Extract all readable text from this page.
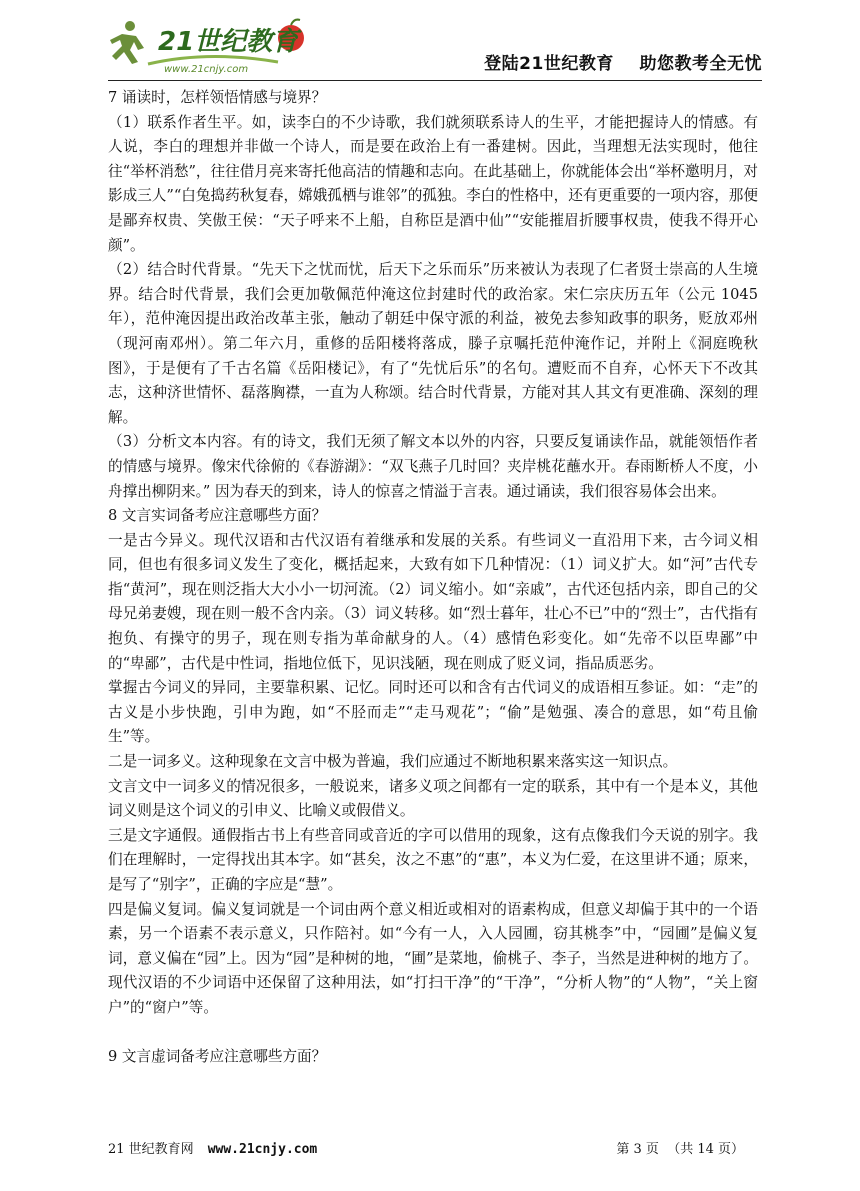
21世纪教育
www.21cnjy.com	登陆21世纪教育    助您教考全无忧

7 诵读时，怎样领悟情感与境界？

（1）联系作者生平。如，读李白的不少诗歌，我们就须联系诗人的生平，才能把握诗人的情感。有人说，李白的理想并非做一个诗人，而是要在政治上有一番建树。因此，当理想无法实现时，他往往“举杯消愁”，往往借月亮来寄托他高洁的情趣和志向。在此基础上，你就能体会出“举杯邀明月，对影成三人”“白兔捣药秋复春，嫦娥孤栖与谁邻”的孤独。李白的性格中，还有更重要的一项内容，那便是鄙弃权贵、笑傲王侯：“天子呼来不上船，自称臣是酒中仙”“安能摧眉折腰事权贵，使我不得开心颜”。

（2）结合时代背景。“先天下之忧而忧，后天下之乐而乐”历来被认为表现了仁者贤士崇高的人生境界。结合时代背景，我们会更加敬佩范仲淹这位封建时代的政治家。宋仁宗庆历五年（公元 1045 年），范仲淹因提出政治改革主张，触动了朝廷中保守派的利益，被免去参知政事的职务，贬放邓州（现河南邓州）。第二年六月，重修的岳阳楼将落成，滕子京嘱托范仲淹作记，并附上《洞庭晚秋图》，于是便有了千古名篇《岳阳楼记》，有了“先忧后乐”的名句。遭贬而不自弃，心怀天下不改其志，这种济世情怀、磊落胸襟，一直为人称颂。结合时代背景，方能对其人其文有更准确、深刻的理解。

（3）分析文本内容。有的诗文，我们无须了解文本以外的内容，只要反复诵读作品，就能领悟作者的情感与境界。像宋代徐俯的《春游湖》：“双飞燕子几时回？夹岸桃花蘸水开。春雨断桥人不度，小舟撑出柳阴来。” 因为春天的到来，诗人的惊喜之情溢于言表。通过诵读，我们很容易体会出来。

8 文言实词备考应注意哪些方面？

一是古今异义。现代汉语和古代汉语有着继承和发展的关系。有些词义一直沿用下来，古今词义相同，但也有很多词义发生了变化，概括起来，大致有如下几种情况：（1）词义扩大。如“河”古代专指“黄河”，现在则泛指大大小小一切河流。（2）词义缩小。如“亲戚”，古代还包括内亲，即自己的父母兄弟妻嫂，现在则一般不含内亲。（3）词义转移。如“烈士暮年，壮心不已”中的“烈士”，古代指有抱负、有操守的男子，现在则专指为革命献身的人。（4）感情色彩变化。如“先帝不以臣卑鄙”中的“卑鄙”，古代是中性词，指地位低下，见识浅陋，现在则成了贬义词，指品质恶劣。

掌握古今词义的异同，主要靠积累、记忆。同时还可以和含有古代词义的成语相互参证。如：“走”的古义是小步快跑，引申为跑，如“不胫而走”“走马观花”；“偷”是勉强、凑合的意思，如“苟且偷生”等。

二是一词多义。这种现象在文言中极为普遍，我们应通过不断地积累来落实这一知识点。

文言文中一词多义的情况很多，一般说来，诸多义项之间都有一定的联系，其中有一个是本义，其他词义则是这个词义的引申义、比喻义或假借义。

三是文字通假。通假指古书上有些音同或音近的字可以借用的现象，这有点像我们今天说的别字。我们在理解时，一定得找出其本字。如“甚矣，汝之不惠”的“惠”，本义为仁爱，在这里讲不通；原来，是写了“别字”，正确的字应是“慧”。

四是偏义复词。偏义复词就是一个词由两个意义相近或相对的语素构成，但意义却偏于其中的一个语素，另一个语素不表示意义，只作陪衬。如“今有一人，入人园圃，窃其桃李”中，“园圃”是偏义复词，意义偏在“园”上。因为“园”是种树的地，“圃”是菜地，偷桃子、李子，当然是进种树的地方了。现代汉语的不少词语中还保留了这种用法，如“打扫干净”的“干净”，“分析人物”的“人物”，“关上窗户”的“窗户”等。

9 文言虚词备考应注意哪些方面？

21 世纪教育网 www.21cnjy.com	第 3 页  （共 14 页）
